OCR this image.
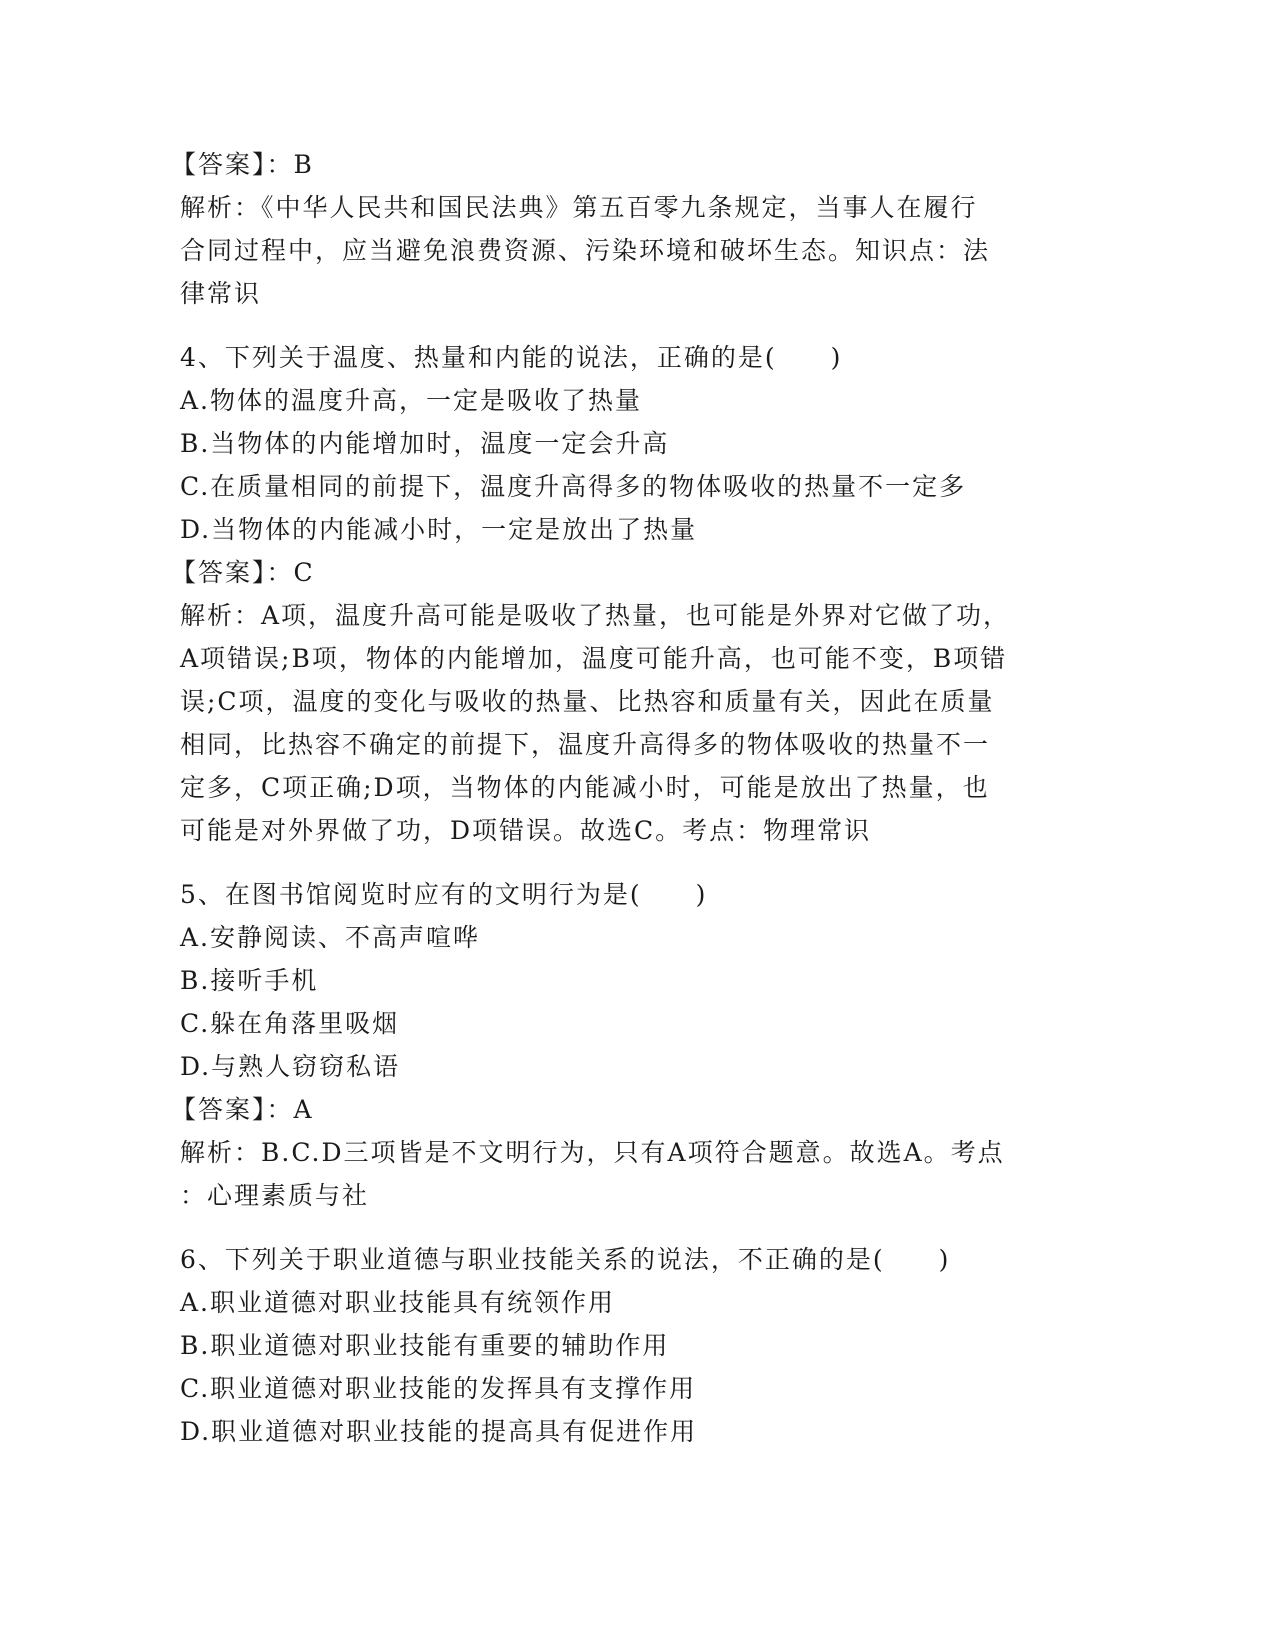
【答案】：B
解析：《中华人民共和国民法典》第五百零九条规定，当事人在履行
合同过程中，应当避免浪费资源、污染环境和破坏生态。知识点：法
律常识
4、下列关于温度、热量和内能的说法，正确的是(　　)
A.物体的温度升高，一定是吸收了热量
B.当物体的内能增加时，温度一定会升高
C.在质量相同的前提下，温度升高得多的物体吸收的热量不一定多
D.当物体的内能减小时，一定是放出了热量
【答案】：C
解析：A项，温度升高可能是吸收了热量，也可能是外界对它做了功，
A项错误;B项，物体的内能增加，温度可能升高，也可能不变，B项错
误;C项，温度的变化与吸收的热量、比热容和质量有关，因此在质量
相同，比热容不确定的前提下，温度升高得多的物体吸收的热量不一
定多，C项正确;D项，当物体的内能减小时，可能是放出了热量，也
可能是对外界做了功，D项错误。故选C。考点：物理常识
5、在图书馆阅览时应有的文明行为是(　　)
A.安静阅读、不高声喧哗
B.接听手机
C.躲在角落里吸烟
D.与熟人窃窃私语
【答案】：A
解析：B.C.D三项皆是不文明行为，只有A项符合题意。故选A。考点
：心理素质与社
6、下列关于职业道德与职业技能关系的说法，不正确的是(　　)
A.职业道德对职业技能具有统领作用
B.职业道德对职业技能有重要的辅助作用
C.职业道德对职业技能的发挥具有支撑作用
D.职业道德对职业技能的提高具有促进作用
